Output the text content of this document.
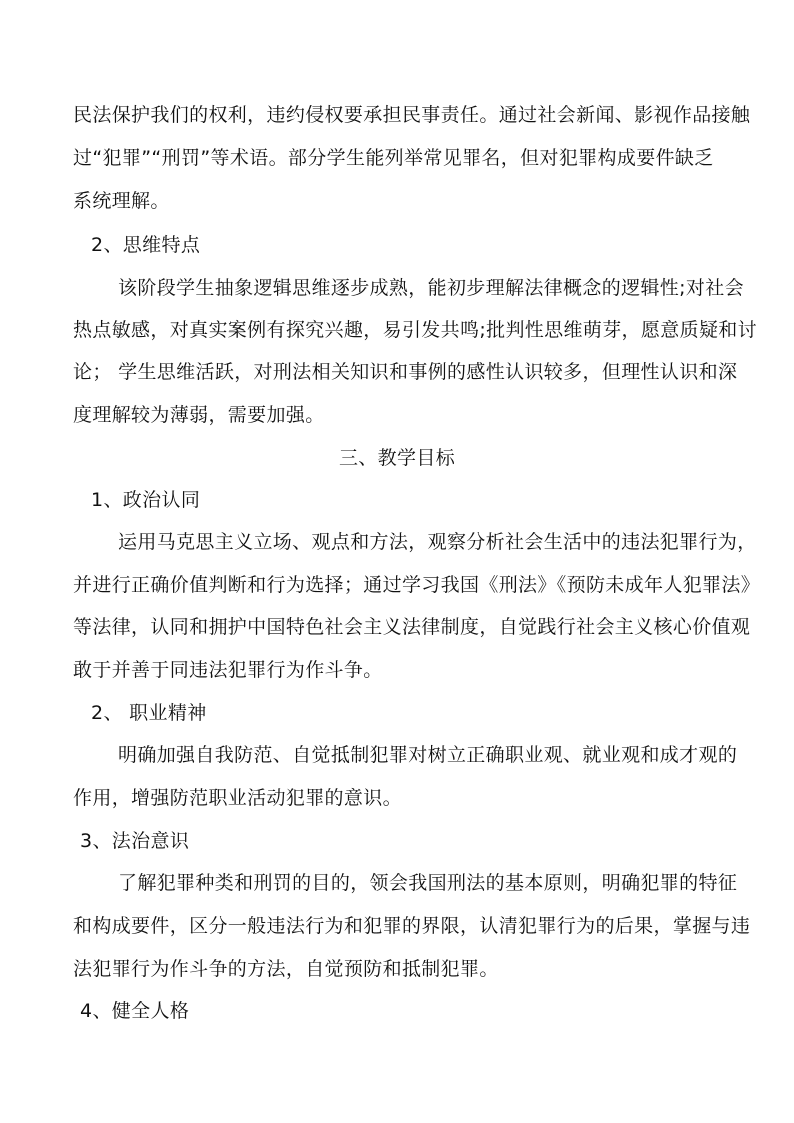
民法保护我们的权利，违约侵权要承担民事责任。通过社会新闻、影视作品接触
过“犯罪”“刑罚”等术语。部分学生能列举常见罪名，但对犯罪构成要件缺乏
系统理解。
2、思维特点
该阶段学生抽象逻辑思维逐步成熟，能初步理解法律概念的逻辑性;对社会
热点敏感，对真实案例有探究兴趣，易引发共鸣;批判性思维萌芽，愿意质疑和讨
论； 学生思维活跃，对刑法相关知识和事例的感性认识较多，但理性认识和深
度理解较为薄弱，需要加强。
三、教学目标
1、政治认同
运用马克思主义立场、观点和方法，观察分析社会生活中的违法犯罪行为，
并进行正确价值判断和行为选择；通过学习我国《刑法》《预防未成年人犯罪法》
等法律，认同和拥护中国特色社会主义法律制度，自觉践行社会主义核心价值观
敢于并善于同违法犯罪行为作斗争。
2、 职业精神
明确加强自我防范、自觉抵制犯罪对树立正确职业观、就业观和成才观的
作用，增强防范职业活动犯罪的意识。
3、法治意识
了解犯罪种类和刑罚的目的，领会我国刑法的基本原则，明确犯罪的特征
和构成要件，区分一般违法行为和犯罪的界限，认清犯罪行为的后果，掌握与违
法犯罪行为作斗争的方法，自觉预防和抵制犯罪。
4、健全人格
